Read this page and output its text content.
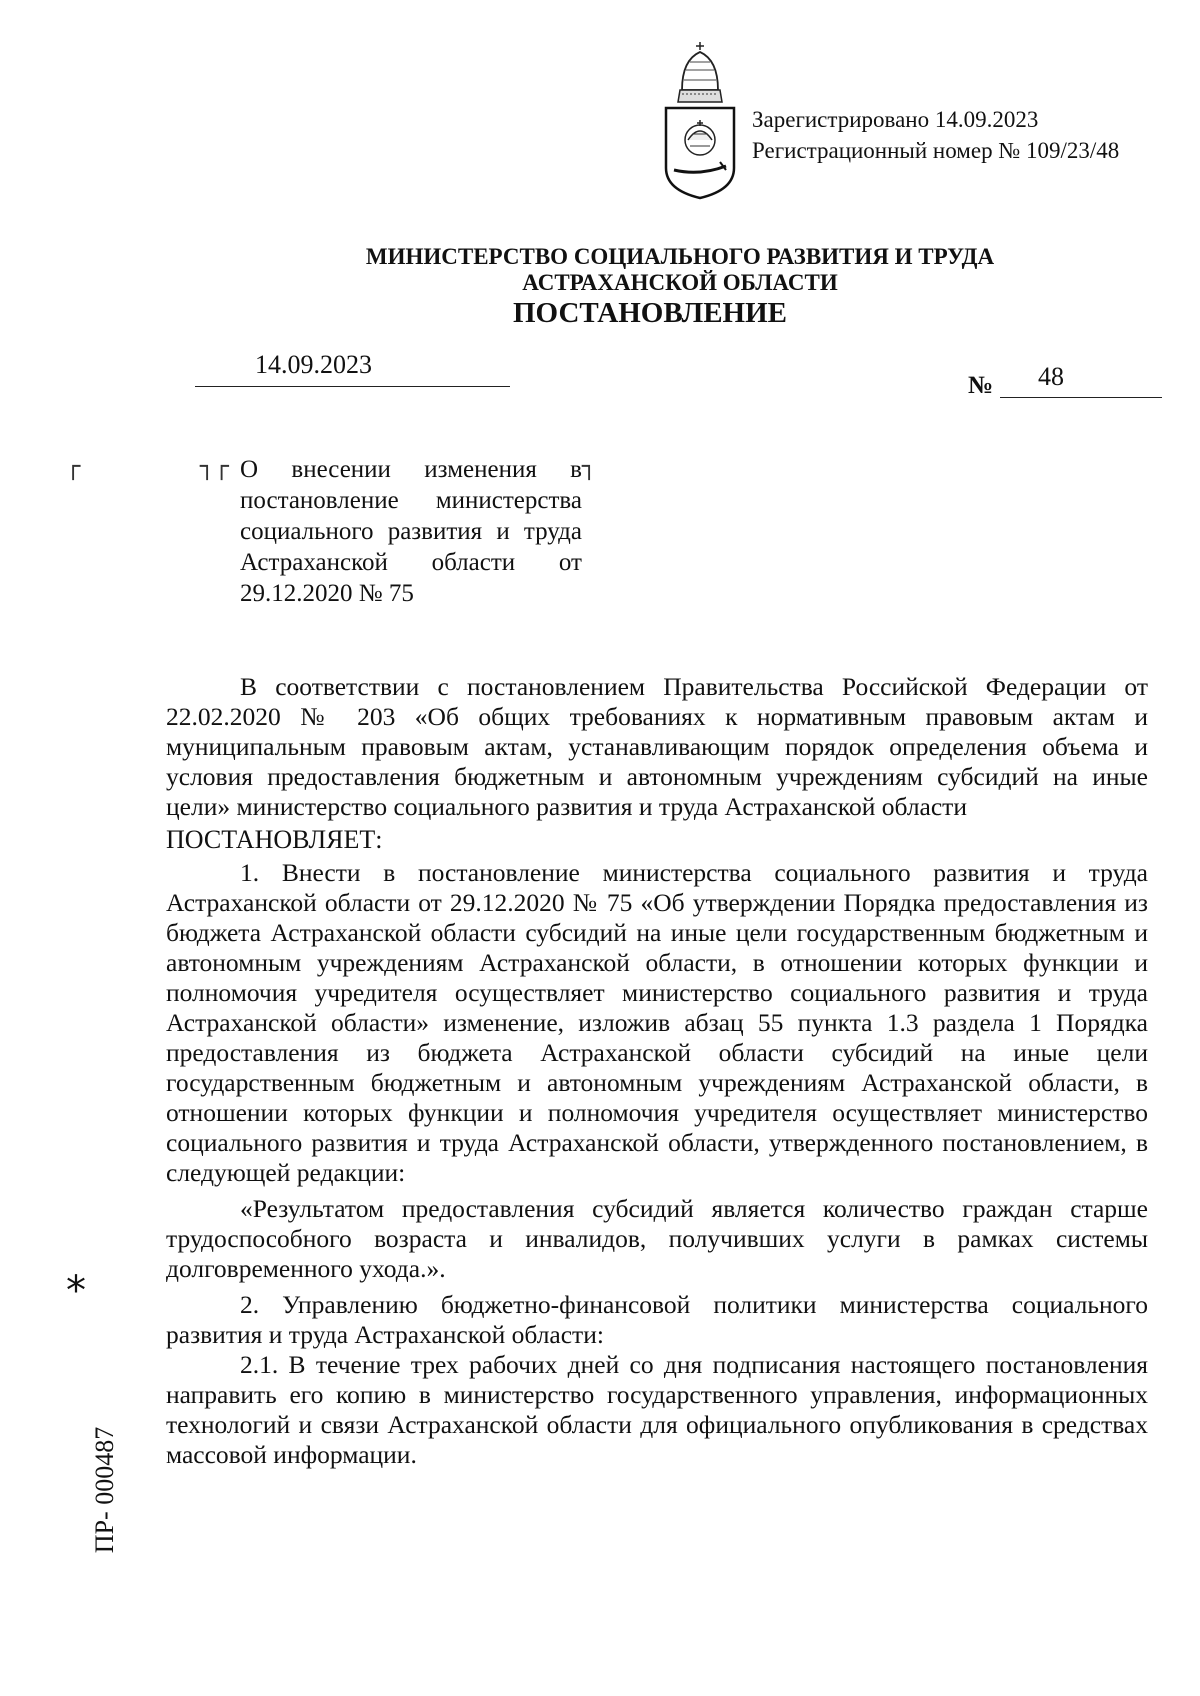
Зарегистрировано 14.09.2023
Регистрационный номер № 109/23/48
МИНИСТЕРСТВО СОЦИАЛЬНОГО РАЗВИТИЯ И ТРУДА
АСТРАХАНСКОЙ ОБЛАСТИ
ПОСТАНОВЛЕНИЕ
14.09.2023
№ 48
┌	┐┌	┐

О внесении изменения в постановление министерства социального развития и труда Астраханской области от 29.12.2020 № 75

В соответствии с постановлением Правительства Российской Федерации от 22.02.2020 № 203 «Об общих требованиях к нормативным правовым актам и муниципальным правовым актам, устанавливающим порядок определения объема и условия предоставления бюджетным и автономным учреждениям субсидий на иные цели» министерство социального развития и труда Астраханской области

ПОСТАНОВЛЯЕТ:

1. Внести в постановление министерства социального развития и труда Астраханской области от 29.12.2020 № 75 «Об утверждении Порядка предоставления из бюджета Астраханской области субсидий на иные цели государственным бюджетным и автономным учреждениям Астраханской области, в отношении которых функции и полномочия учредителя осуществляет министерство социального развития и труда Астраханской области» изменение, изложив абзац 55 пункта 1.3 раздела 1 Порядка предоставления из бюджета Астраханской области субсидий на иные цели государственным бюджетным и автономным учреждениям Астраханской области, в отношении которых функции и полномочия учредителя осуществляет министерство социального развития и труда Астраханской области, утвержденного постановлением, в следующей редакции:

«Результатом предоставления субсидий является количество граждан старше трудоспособного возраста и инвалидов, получивших услуги в рамках системы долговременного ухода.».

2. Управлению бюджетно-финансовой политики министерства социального развития и труда Астраханской области:

2.1. В течение трех рабочих дней со дня подписания настоящего постановления направить его копию в министерство государственного управления, информационных технологий и связи Астраханской области для официального опубликования в средствах массовой информации.

*
ПР- 000487
